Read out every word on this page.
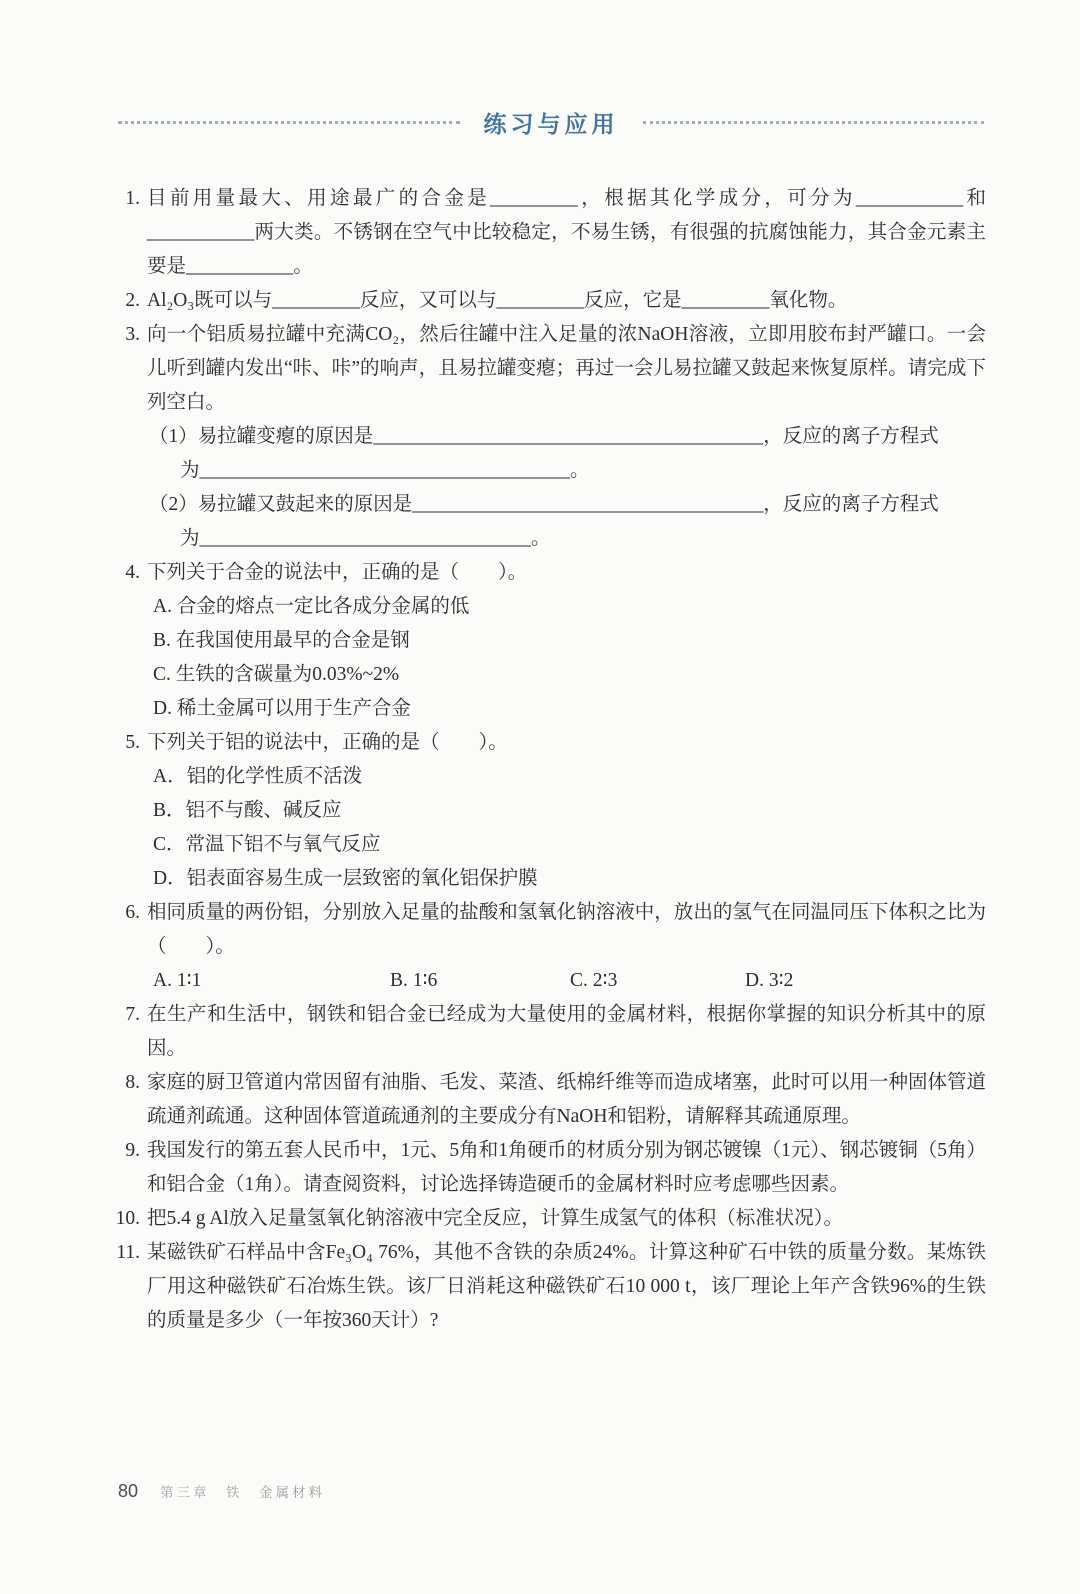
练习与应用
1. 目前用量最大、用途最广的合金是_________，根据其化学成分，可分为___________和___________两大类。不锈钢在空气中比较稳定，不易生锈，有很强的抗腐蚀能力，其合金元素主要是___________。
2. Al₂O₃既可以与_________反应，又可以与_________反应，它是_________氧化物。
3. 向一个铝质易拉罐中充满CO₂，然后往罐中注入足量的浓NaOH溶液，立即用胶布封严罐口。一会儿听到罐内发出“咔、咔”的响声，且易拉罐变瘪；再过一会儿易拉罐又鼓起来恢复原样。请完成下列空白。
（1）易拉罐变瘪的原因是________________________________________，反应的离子方程式
为______________________________________。
（2）易拉罐又鼓起来的原因是____________________________________，反应的离子方程式
为__________________________________。
4. 下列关于合金的说法中，正确的是（　　）。
A. 合金的熔点一定比各成分金属的低
B. 在我国使用最早的合金是钢
C. 生铁的含碳量为0.03%~2%
D. 稀土金属可以用于生产合金
5. 下列关于铝的说法中，正确的是（　　）。
A．铝的化学性质不活泼
B．铝不与酸、碱反应
C．常温下铝不与氧气反应
D．铝表面容易生成一层致密的氧化铝保护膜
6. 相同质量的两份铝，分别放入足量的盐酸和氢氧化钠溶液中，放出的氢气在同温同压下体积之比为（　　）。
A. 1∶1	B. 1∶6	C. 2∶3	D. 3∶2
7. 在生产和生活中，钢铁和铝合金已经成为大量使用的金属材料，根据你掌握的知识分析其中的原因。
8. 家庭的厨卫管道内常因留有油脂、毛发、菜渣、纸棉纤维等而造成堵塞，此时可以用一种固体管道疏通剂疏通。这种固体管道疏通剂的主要成分有NaOH和铝粉，请解释其疏通原理。
9. 我国发行的第五套人民币中，1元、5角和1角硬币的材质分别为钢芯镀镍（1元）、钢芯镀铜（5角）和铝合金（1角）。请查阅资料，讨论选择铸造硬币的金属材料时应考虑哪些因素。
10. 把5.4 g Al放入足量氢氧化钠溶液中完全反应，计算生成氢气的体积（标准状况）。
11. 某磁铁矿石样品中含Fe₃O₄ 76%，其他不含铁的杂质24%。计算这种矿石中铁的质量分数。某炼铁厂用这种磁铁矿石冶炼生铁。该厂日消耗这种磁铁矿石10 000 t，该厂理论上年产含铁96%的生铁的质量是多少（一年按360天计）?
80 第三章　铁　金属材料
